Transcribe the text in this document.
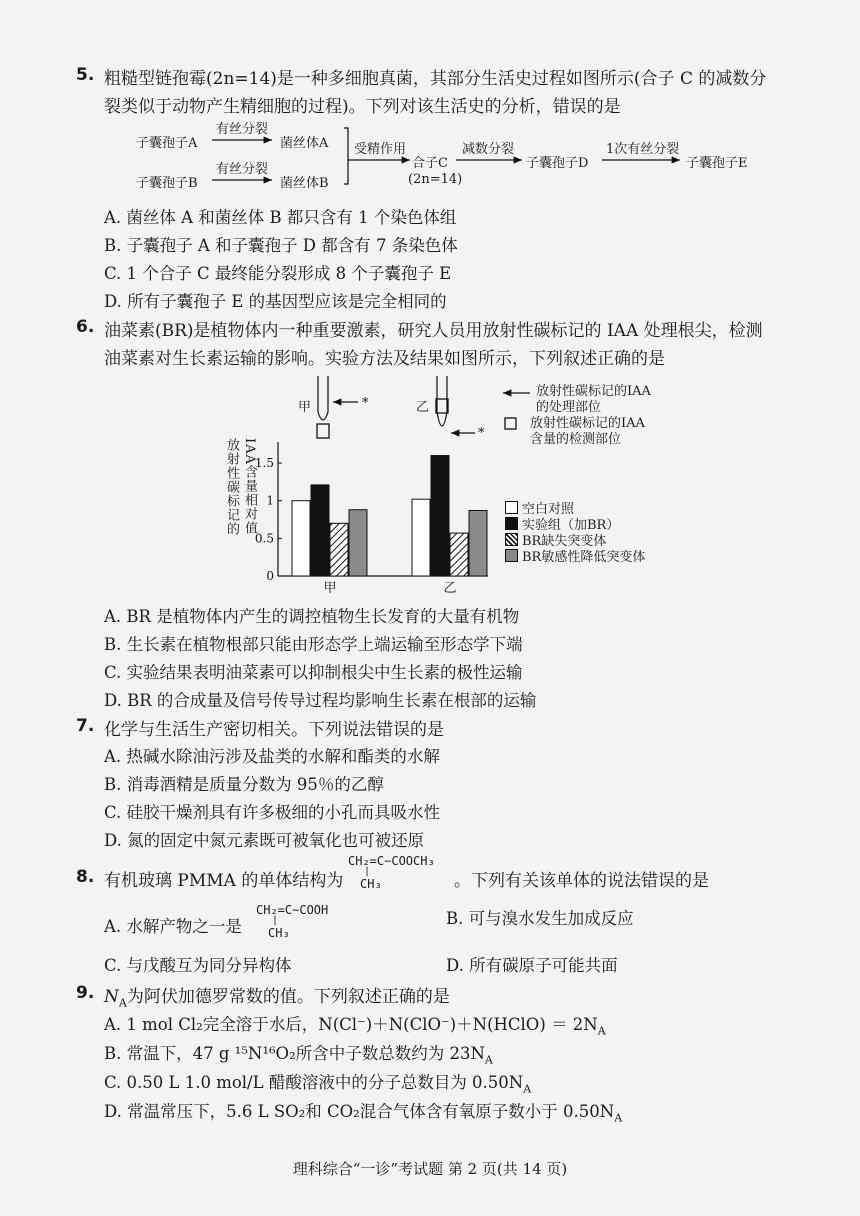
5. 粗糙型链孢霉(2n=14)是一种多细胞真菌，其部分生活史过程如图所示(合子 C 的减数分
裂类似于动物产生精细胞的过程)。下列对该生活史的分析，错误的是
子囊孢子A
有丝分裂
菌丝体A
子囊孢子B
有丝分裂
菌丝体B
受精作用
合子C
(2n=14)
减数分裂
子囊孢子D
1次有丝分裂
子囊孢子E
A. 菌丝体 A 和菌丝体 B 都只含有 1 个染色体组
B. 子囊孢子 A 和子囊孢子 D 都含有 7 条染色体
C. 1 个合子 C 最终能分裂形成 8 个子囊孢子 E
D. 所有子囊孢子 E 的基因型应该是完全相同的
6. 油菜素(BR)是植物体内一种重要激素，研究人员用放射性碳标记的 IAA 处理根尖，检测
油菜素对生长素运输的影响。实验方法及结果如图所示，下列叙述正确的是
甲	*	乙
*
放射性碳标记的IAA
的处理部位
放射性碳标记的IAA
含量的检测部位
0
0.5
1
1.5
甲	乙
放射性碳标记的 IAA含量相对值	空白对照
实验组（加BR）
BR缺失突变体
BR敏感性降低突变体
A. BR 是植物体内产生的调控植物生长发育的大量有机物
B. 生长素在植物根部只能由形态学上端运输至形态学下端
C. 实验结果表明油菜素可以抑制根尖中生长素的极性运输
D. BR 的合成量及信号传导过程均影响生长素在根部的运输
7. 化学与生活生产密切相关。下列说法错误的是
A. 热碱水除油污涉及盐类的水解和酯类的水解
B. 消毒酒精是质量分数为 95％的乙醇
C. 硅胶干燥剂具有许多极细的小孔而具吸水性
D. 氮的固定中氮元素既可被氧化也可被还原
8. 有机玻璃 PMMA 的单体结构为
CH₂=C−COOCH₃
|
CH₃	。下列有关该单体的说法错误的是
A. 水解产物之一是
CH₂=C−COOH
|
CH₃
B. 可与溴水发生加成反应
C. 与戊酸互为同分异构体	D. 所有碳原子可能共面
9. $N_A$为阿伏加德罗常数的值。下列叙述正确的是
A. 1 mol Cl₂完全溶于水后，N(Cl⁻)＋N(ClO⁻)＋N(HClO) ＝ $2N_A$
B. 常温下，47 g ¹⁵N¹⁶O₂所含中子数总数约为 $23N_A$
C. 0.50 L 1.0 mol/L 醋酸溶液中的分子总数目为 $0.50N_A$
D. 常温常压下，5.6 L SO₂和 CO₂混合气体含有氧原子数小于 $0.50N_A$
理科综合“一诊”考试题 第 2 页(共 14 页)
